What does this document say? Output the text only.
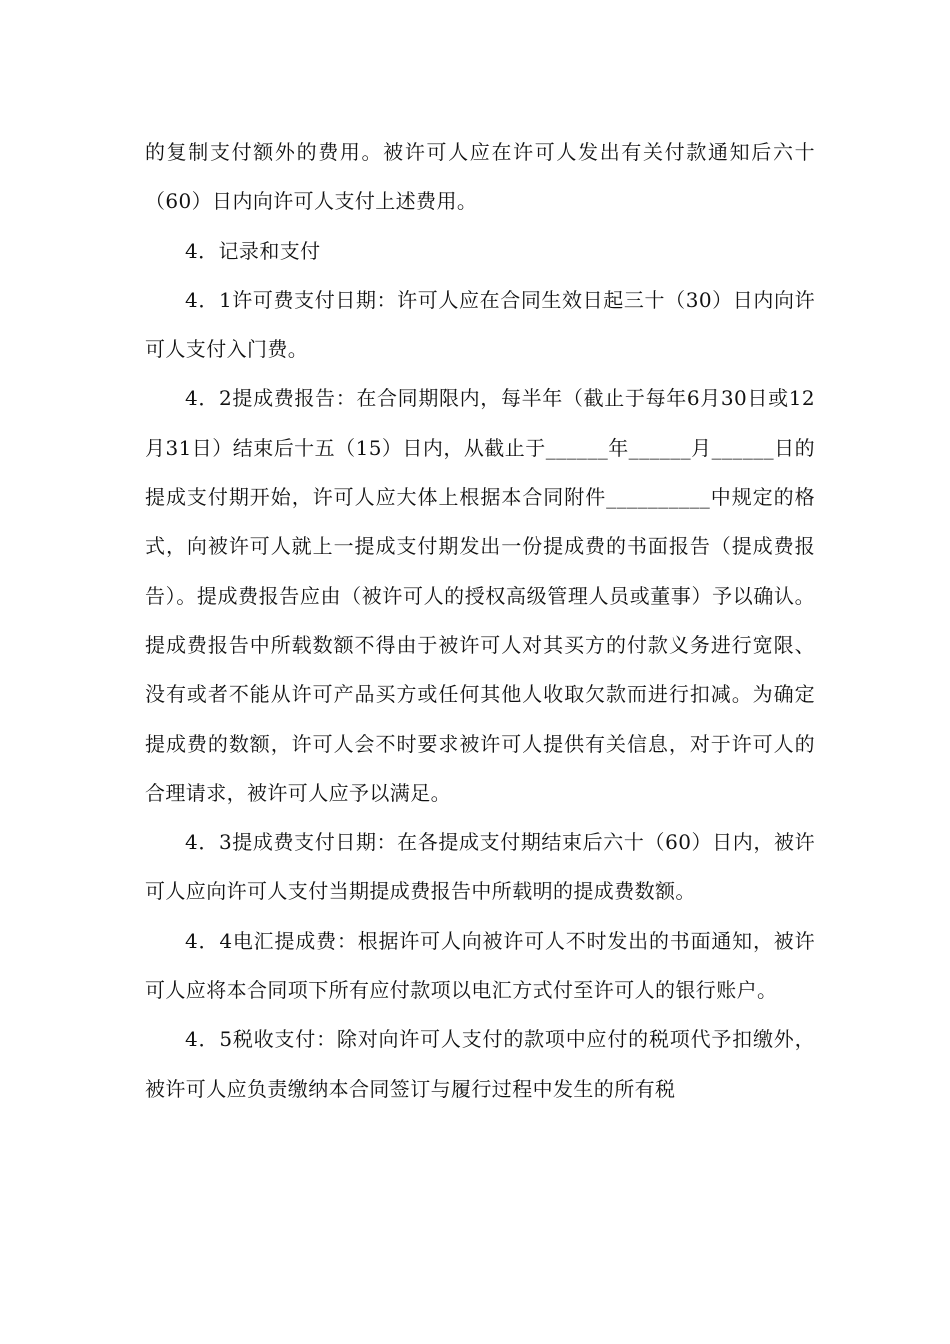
的复制支付额外的费用。被许可人应在许可人发出有关付款通知后六十（60）日内向许可人支付上述费用。

4．记录和支付

4．1许可费支付日期：许可人应在合同生效日起三十（30）日内向许可人支付入门费。

4．2提成费报告：在合同期限内，每半年（截止于每年6月30日或12月31日）结束后十五（15）日内，从截止于______年______月______日的提成支付期开始，许可人应大体上根据本合同附件__________中规定的格式，向被许可人就上一提成支付期发出一份提成费的书面报告（提成费报告）。提成费报告应由（被许可人的授权高级管理人员或董事）予以确认。提成费报告中所载数额不得由于被许可人对其买方的付款义务进行宽限、没有或者不能从许可产品买方或任何其他人收取欠款而进行扣减。为确定提成费的数额，许可人会不时要求被许可人提供有关信息，对于许可人的合理请求，被许可人应予以满足。

4．3提成费支付日期：在各提成支付期结束后六十（60）日内，被许可人应向许可人支付当期提成费报告中所载明的提成费数额。

4．4电汇提成费：根据许可人向被许可人不时发出的书面通知，被许可人应将本合同项下所有应付款项以电汇方式付至许可人的银行账户。

4．5税收支付：除对向许可人支付的款项中应付的税项代予扣缴外，被许可人应负责缴纳本合同签订与履行过程中发生的所有税
